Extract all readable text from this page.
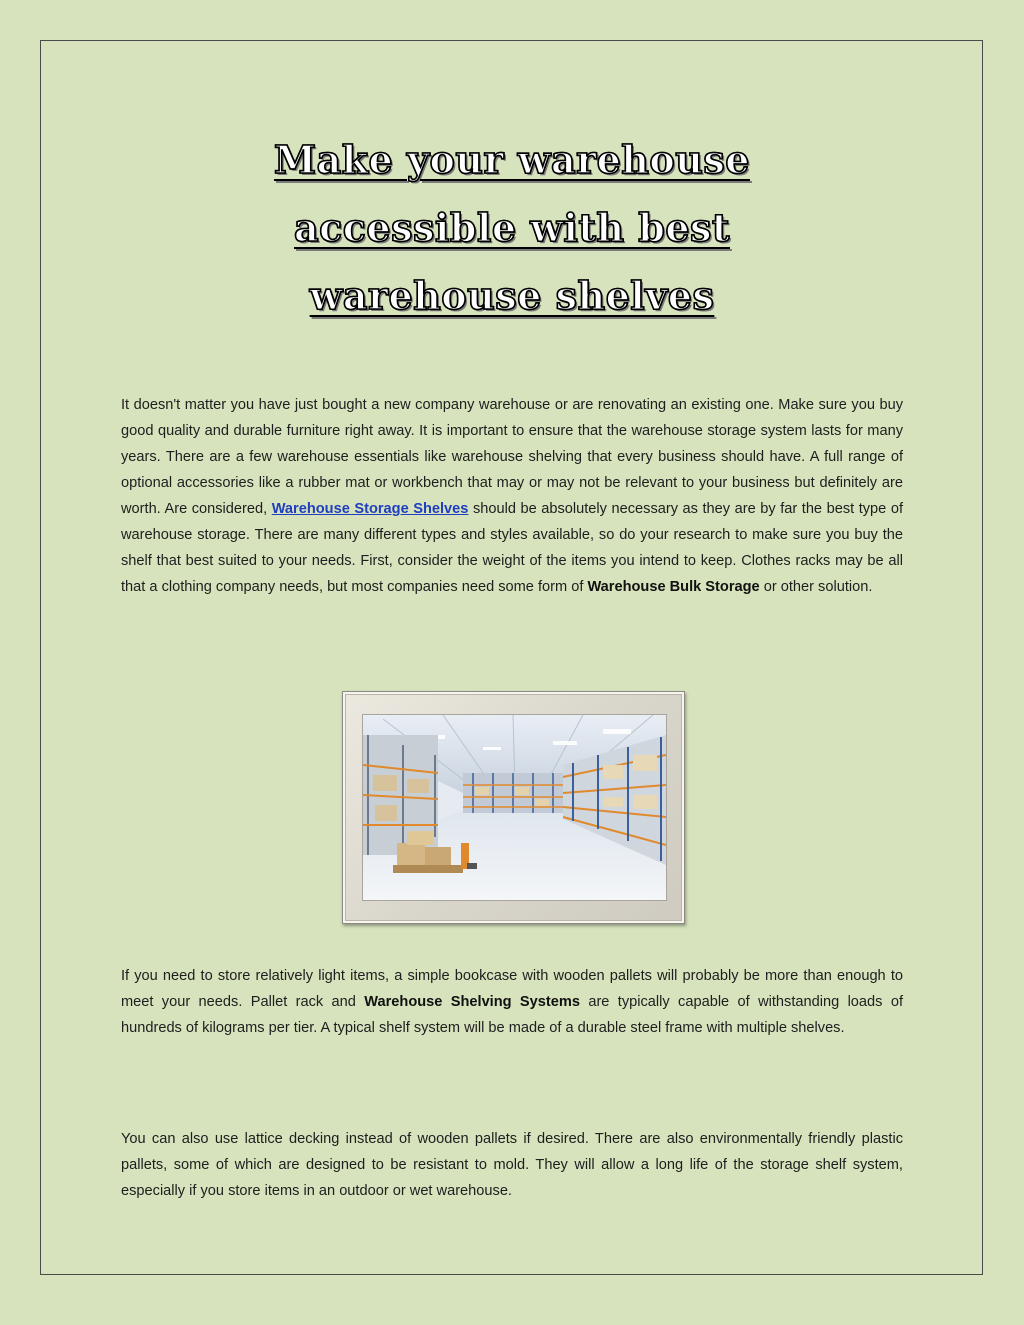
Make your warehouse
accessible with best
warehouse shelves

It doesn't matter you have just bought a new company warehouse or are renovating an existing one. Make sure you buy good quality and durable furniture right away. It is important to ensure that the warehouse storage system lasts for many years. There are a few warehouse essentials like warehouse shelving that every business should have. A full range of optional accessories like a rubber mat or workbench that may or may not be relevant to your business but definitely are worth. Are considered, Warehouse Storage Shelves should be absolutely necessary as they are by far the best type of warehouse storage. There are many different types and styles available, so do your research to make sure you buy the shelf that best suited to your needs. First, consider the weight of the items you intend to keep. Clothes racks may be all that a clothing company needs, but most companies need some form of Warehouse Bulk Storage or other solution.

If you need to store relatively light items, a simple bookcase with wooden pallets will probably be more than enough to meet your needs. Pallet rack and Warehouse Shelving Systems are typically capable of withstanding loads of hundreds of kilograms per tier. A typical shelf system will be made of a durable steel frame with multiple shelves.

You can also use lattice decking instead of wooden pallets if desired. There are also environmentally friendly plastic pallets, some of which are designed to be resistant to mold. They will allow a long life of the storage shelf system, especially if you store items in an outdoor or wet warehouse.
